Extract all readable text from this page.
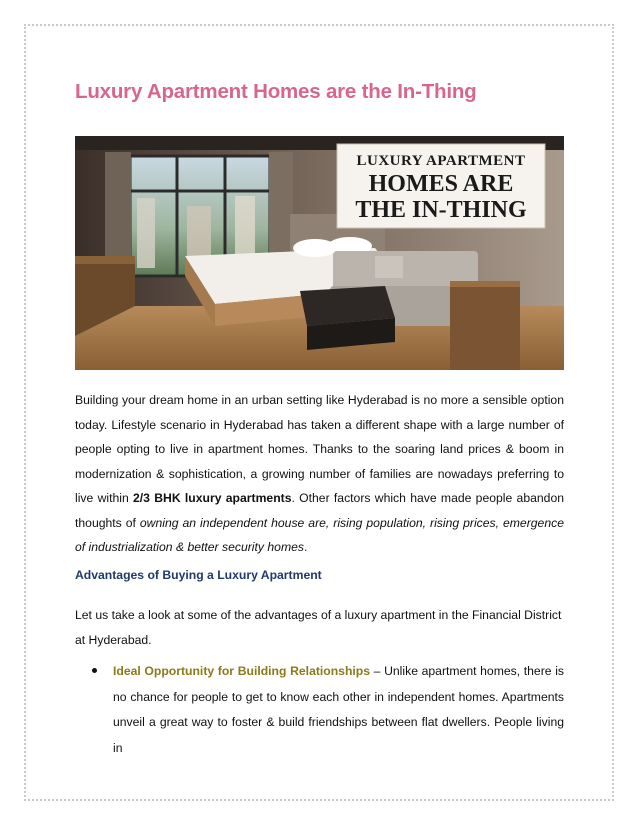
Luxury Apartment Homes are the In-Thing
LUXURY APARTMENT
HOMES ARE
THE IN-THING
Building your dream home in an urban setting like Hyderabad is no more a sensible option today. Lifestyle scenario in Hyderabad has taken a different shape with a large number of people opting to live in apartment homes. Thanks to the soaring land prices & boom in modernization & sophistication, a growing number of families are nowadays preferring to live within 2/3 BHK luxury apartments. Other factors which have made people abandon thoughts of owning an independent house are, rising population, rising prices, emergence of industrialization & better security homes.
Advantages of Buying a Luxury Apartment
Let us take a look at some of the advantages of a luxury apartment in the Financial District at Hyderabad.
Ideal Opportunity for Building Relationships – Unlike apartment homes, there is no chance for people to get to know each other in independent homes. Apartments unveil a great way to foster & build friendships between flat dwellers. People living in
